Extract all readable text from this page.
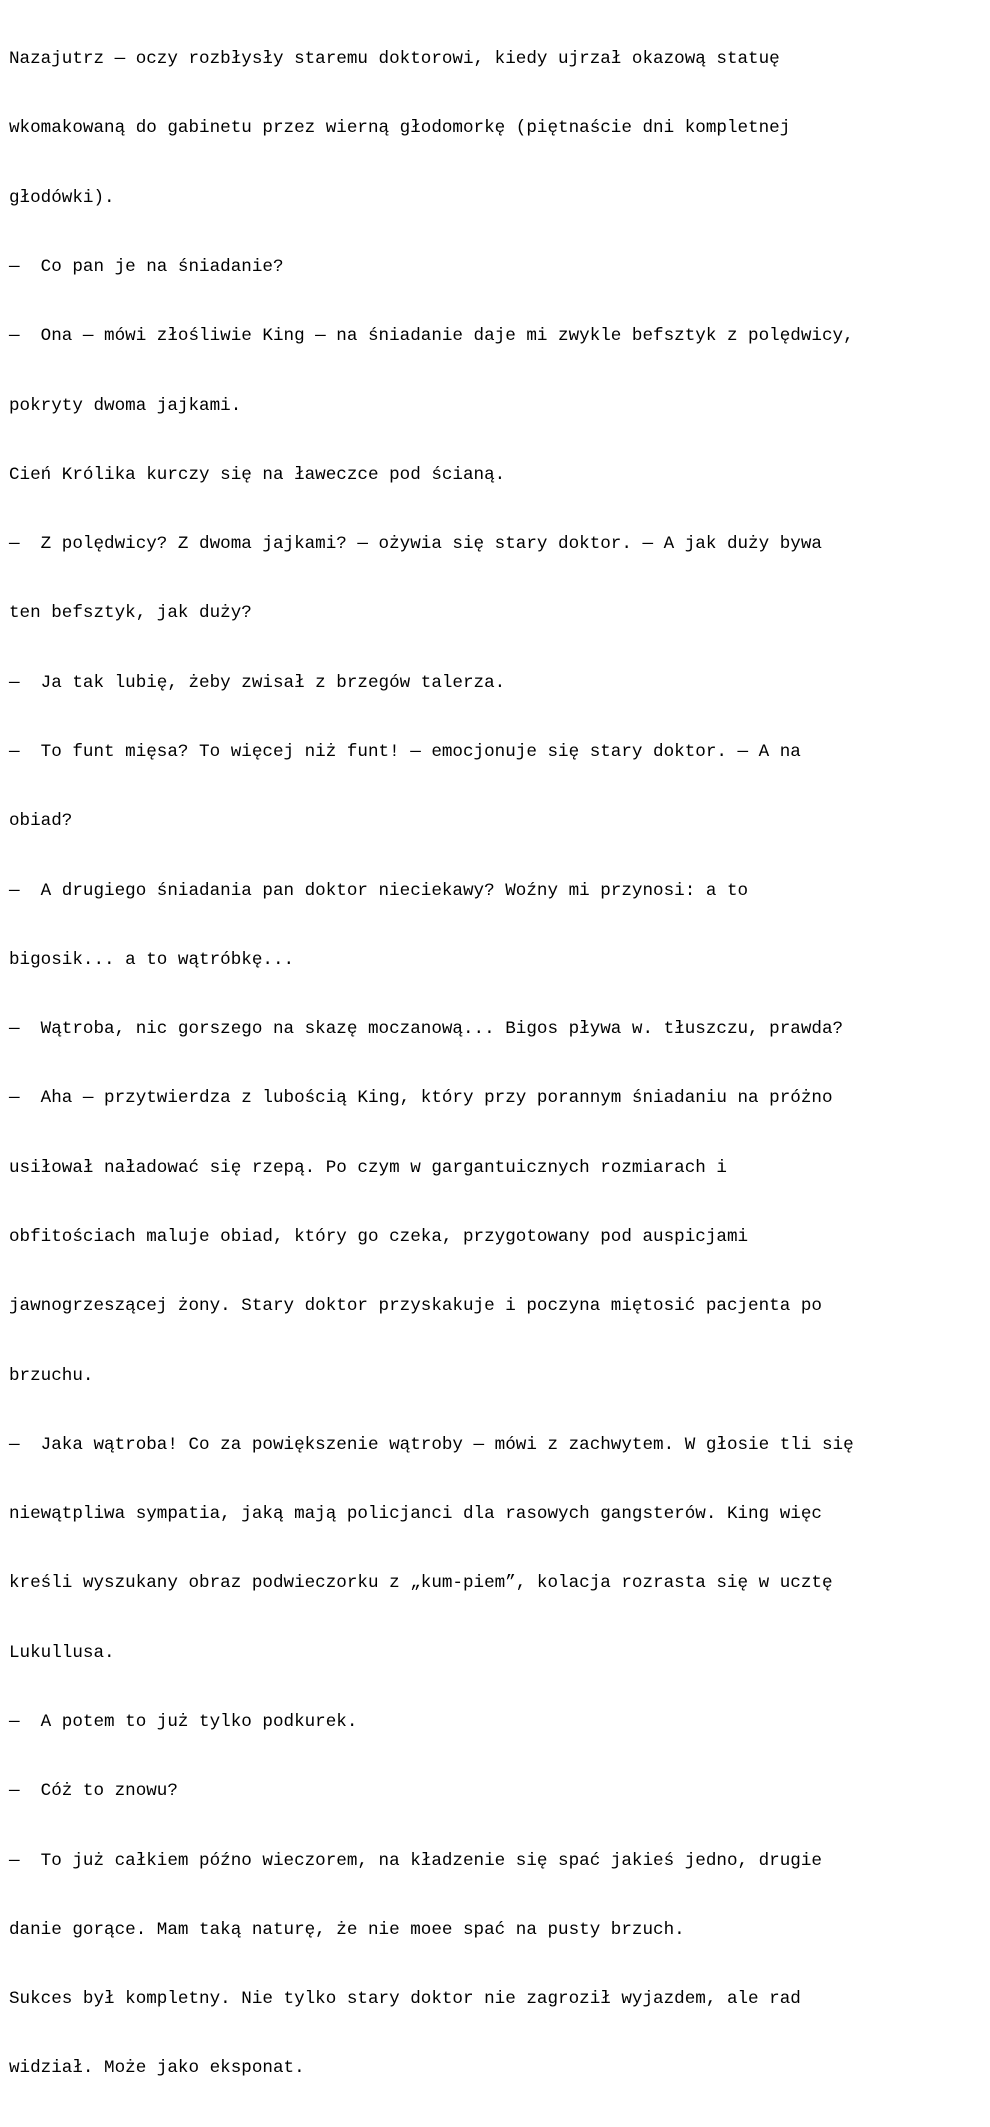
Nazajutrz — oczy rozbłysły staremu doktorowi, kiedy ujrzał okazową statuę

wkomakowaną do gabinetu przez wierną głodomorkę (piętnaście dni kompletnej

głodówki).

—  Co pan je na śniadanie?

—  Ona — mówi złośliwie King — na śniadanie daje mi zwykle befsztyk z polędwicy,

pokryty dwoma jajkami.

Cień Królika kurczy się na ławeczce pod ścianą.

—  Z polędwicy? Z dwoma jajkami? — ożywia się stary doktor. — A jak duży bywa

ten befsztyk, jak duży?

—  Ja tak lubię, żeby zwisał z brzegów talerza.

—  To funt mięsa? To więcej niż funt! — emocjonuje się stary doktor. — A na

obiad?

—  A drugiego śniadania pan doktor nieciekawy? Woźny mi przynosi: a to

bigosik... a to wątróbkę...

—  Wątroba, nic gorszego na skazę moczanową... Bigos pływa w. tłuszczu, prawda?

—  Aha — przytwierdza z lubością King, który przy porannym śniadaniu na próżno

usiłował naładować się rzepą. Po czym w gargantuicznych rozmiarach i

obfitościach maluje obiad, który go czeka, przygotowany pod auspicjami

jawnogrzeszącej żony. Stary doktor przyskakuje i poczyna miętosić pacjenta po

brzuchu.

—  Jaka wątroba! Co za powiększenie wątroby — mówi z zachwytem. W głosie tli się

niewątpliwa sympatia, jaką mają policjanci dla rasowych gangsterów. King więc

kreśli wyszukany obraz podwieczorku z „kum-piem”, kolacja rozrasta się w ucztę

Lukullusa.

—  A potem to już tylko podkurek.

—  Cóż to znowu?

—  To już całkiem późno wieczorem, na kładzenie się spać jakieś jedno, drugie

danie gorące. Mam taką naturę, że nie moee spać na pusty brzuch.

Sukces był kompletny. Nie tylko stary doktor nie zagroził wyjazdem, ale rad

widział. Może jako eksponat.
